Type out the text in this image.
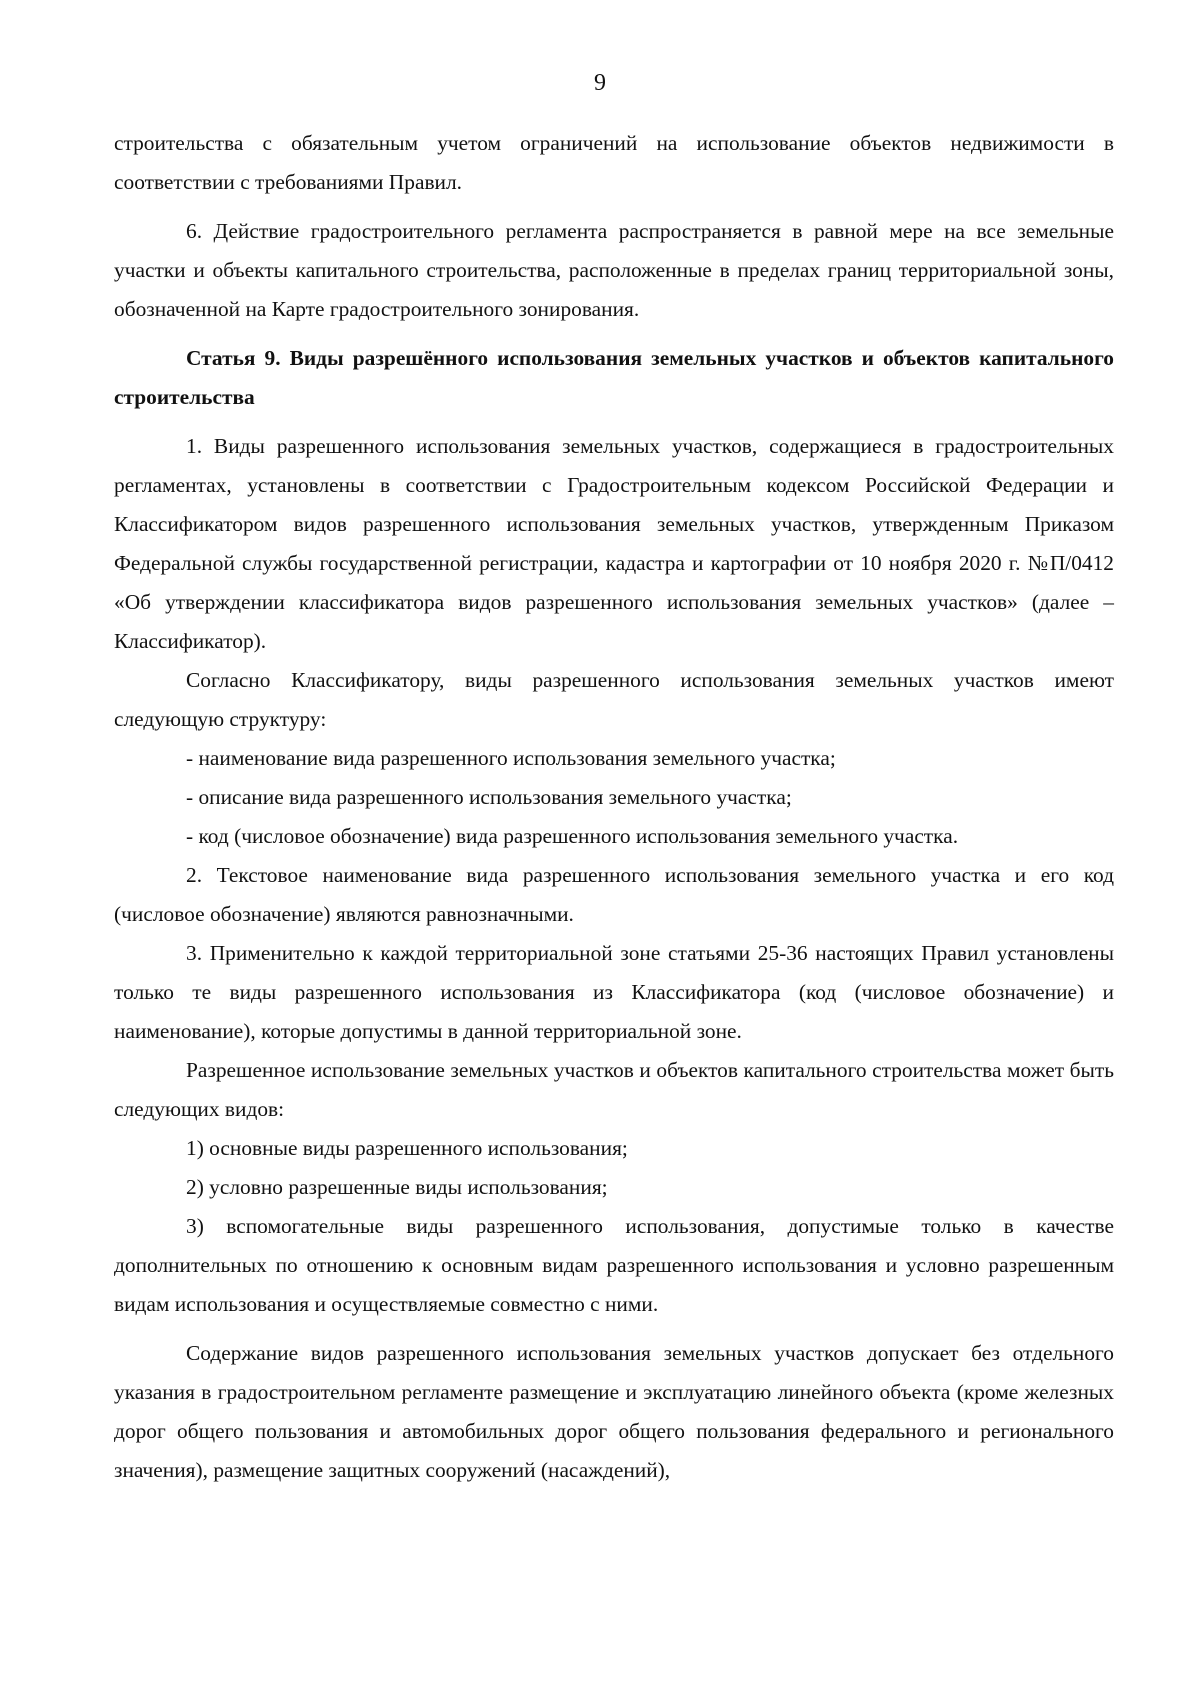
9

строительства с обязательным учетом ограничений на использование объектов недвижимости в соответствии с требованиями Правил.

6. Действие градостроительного регламента распространяется в равной мере на все земельные участки и объекты капитального строительства, расположенные в пределах границ территориальной зоны, обозначенной на Карте градостроительного зонирования.

Статья 9. Виды разрешённого использования земельных участков и объектов капитального строительства

1. Виды разрешенного использования земельных участков, содержащиеся в градостроительных регламентах, установлены в соответствии с Градостроительным кодексом Российской Федерации и Классификатором видов разрешенного использования земельных участков, утвержденным Приказом Федеральной службы государственной регистрации, кадастра и картографии от 10 ноября 2020 г. №П/0412 «Об утверждении классификатора видов разрешенного использования земельных участков» (далее – Классификатор).

Согласно Классификатору, виды разрешенного использования земельных участков имеют следующую структуру:

- наименование вида разрешенного использования земельного участка;

- описание вида разрешенного использования земельного участка;

- код (числовое обозначение) вида разрешенного использования земельного участка.

2. Текстовое наименование вида разрешенного использования земельного участка и его код (числовое обозначение) являются равнозначными.

3. Применительно к каждой территориальной зоне статьями 25-36 настоящих Правил установлены только те виды разрешенного использования из Классификатора (код (числовое обозначение) и наименование), которые допустимы в данной территориальной зоне.

Разрешенное использование земельных участков и объектов капитального строительства может быть следующих видов:

1) основные виды разрешенного использования;

2) условно разрешенные виды использования;

3) вспомогательные виды разрешенного использования, допустимые только в качестве дополнительных по отношению к основным видам разрешенного использования и условно разрешенным видам использования и осуществляемые совместно с ними.

Содержание видов разрешенного использования земельных участков допускает без отдельного указания в градостроительном регламенте размещение и эксплуатацию линейного объекта (кроме железных дорог общего пользования и автомобильных дорог общего пользования федерального и регионального значения), размещение защитных сооружений (насаждений),
